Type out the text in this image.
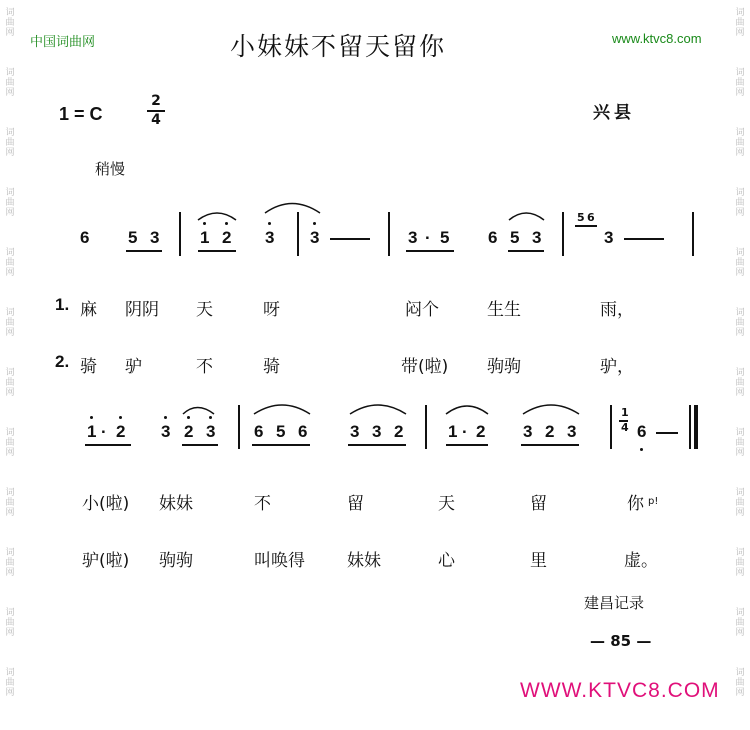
词
曲
网
词
曲
网
词
曲
网
词
曲
网
词
曲
网
词
曲
网
词
曲
网
词
曲
网
词
曲
网
词
曲
网
词
曲
网
词
曲
网
词
曲
网
词
曲
网
词
曲
网
词
曲
网
词
曲
网
词
曲
网
词
曲
网
词
曲
网
词
曲
网
词
曲
网
词
曲
网
词
曲
网
中国词曲网	www.ktvc8.com
小妹妹不留天留你
1 = C
2
4	兴县
稍慢
6 5 3 1 2 3 3	3 . 5 6 5 3
5 6
3
1. 麻 阴阴 天	呀	闷个	生生	雨，
2. 骑 驴	不	骑	带(啦) 驹驹	驴，
1 . 2 3 2 3 6 5 6	3 3 2	1 . 2 3 2 3
1
4 6
小(啦) 妹妹	不	留	天	留	你 p!
驴(啦) 驹驹	叫唤得 妹妹	心	里	虚。
建昌记录
— 85 —
WWW.KTVC8.COM
